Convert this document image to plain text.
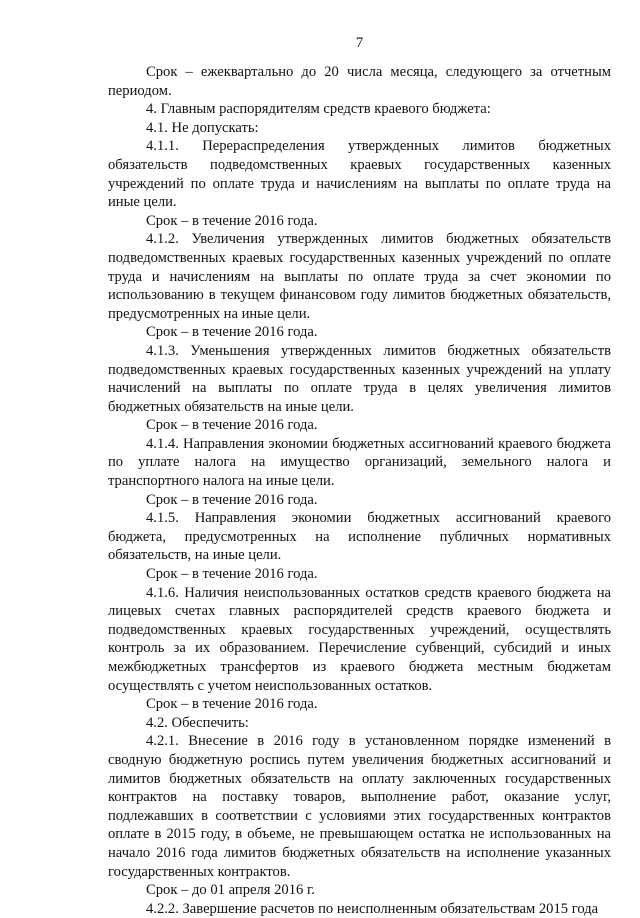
7

Срок – ежеквартально до 20 числа месяца, следующего за отчетным периодом.

4. Главным распорядителям средств краевого бюджета:

4.1. Не допускать:

4.1.1. Перераспределения утвержденных лимитов бюджетных обязательств подведомственных краевых государственных казенных учреждений по оплате труда и начислениям на выплаты по оплате труда на иные цели.

Срок – в течение 2016 года.

4.1.2. Увеличения утвержденных лимитов бюджетных обязательств подведомственных краевых государственных казенных учреждений по оплате труда и начислениям на выплаты по оплате труда за счет экономии по использованию в текущем финансовом году лимитов бюджетных обязательств, предусмотренных на иные цели.

Срок – в течение 2016 года.

4.1.3. Уменьшения утвержденных лимитов бюджетных обязательств подведомственных краевых государственных казенных учреждений на уплату начислений на выплаты по оплате труда в целях увеличения лимитов бюджетных обязательств на иные цели.

Срок – в течение 2016 года.

4.1.4. Направления экономии бюджетных ассигнований краевого бюджета по уплате налога на имущество организаций, земельного налога и транспортного налога на иные цели.

Срок – в течение 2016 года.

4.1.5. Направления экономии бюджетных ассигнований краевого бюджета, предусмотренных на исполнение публичных нормативных обязательств, на иные цели.

Срок – в течение 2016 года.

4.1.6. Наличия неиспользованных остатков средств краевого бюджета на лицевых счетах главных распорядителей средств краевого бюджета и подведомственных краевых государственных учреждений, осуществлять контроль за их образованием. Перечисление субвенций, субсидий и иных межбюджетных трансфертов из краевого бюджета местным бюджетам осуществлять с учетом неиспользованных остатков.

Срок – в течение 2016 года.

4.2. Обеспечить:

4.2.1. Внесение в 2016 году в установленном порядке изменений в сводную бюджетную роспись путем увеличения бюджетных ассигнований и лимитов бюджетных обязательств на оплату заключенных государственных контрактов на поставку товаров, выполнение работ, оказание услуг, подлежавших в соответствии с условиями этих государственных контрактов оплате в 2015 году, в объеме, не превышающем остатка не использованных на начало 2016 года лимитов бюджетных обязательств на исполнение указанных государственных контрактов.

Срок – до 01 апреля 2016 г.

4.2.2. Завершение расчетов по неисполненным обязательствам 2015 года
